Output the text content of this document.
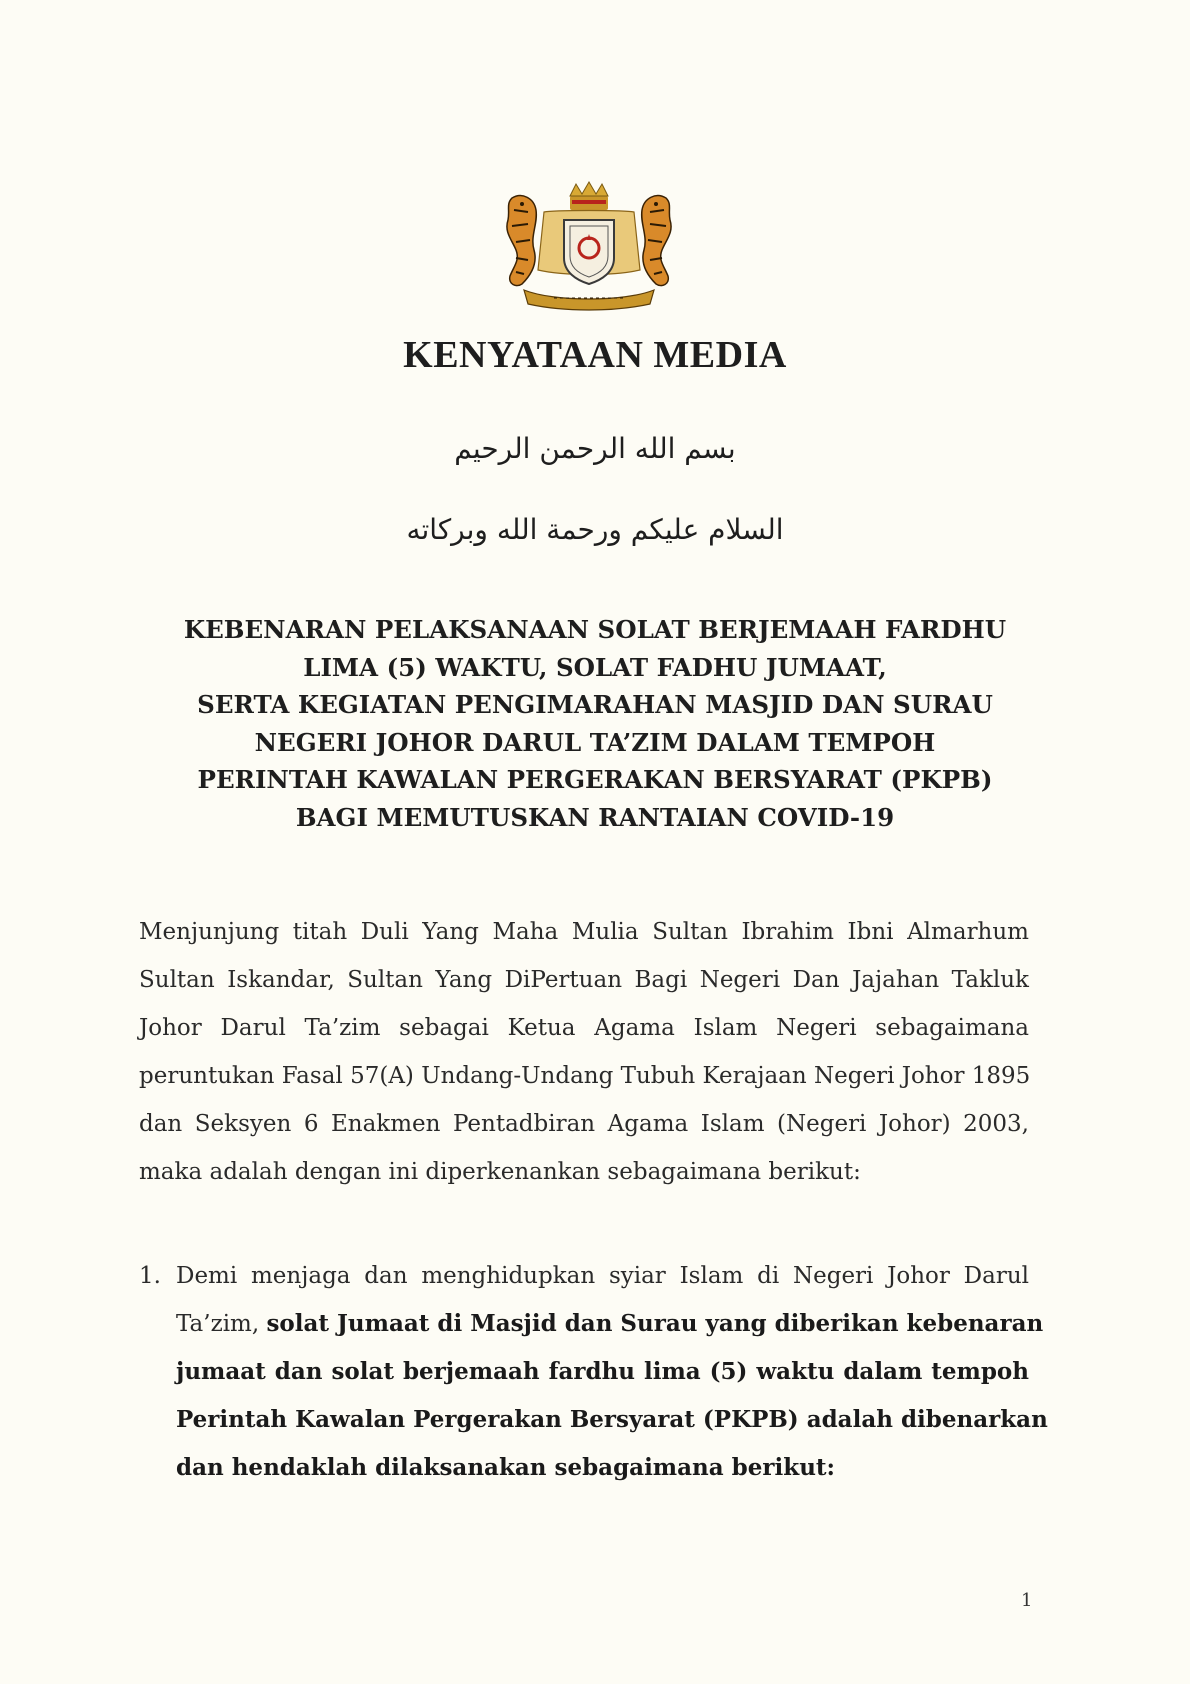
KENYATAAN MEDIA
بسم الله الرحمن الرحيم
السلام عليكم ورحمة الله وبركاته
KEBENARAN PELAKSANAAN SOLAT BERJEMAAH FARDHU
LIMA (5) WAKTU, SOLAT FADHU JUMAAT,
SERTA KEGIATAN PENGIMARAHAN MASJID DAN SURAU
NEGERI JOHOR DARUL TA’ZIM DALAM TEMPOH
PERINTAH KAWALAN PERGERAKAN BERSYARAT (PKPB)
BAGI MEMUTUSKAN RANTAIAN COVID-19
Menjunjung titah Duli Yang Maha Mulia Sultan Ibrahim Ibni Almarhum
Sultan Iskandar, Sultan Yang DiPertuan Bagi Negeri Dan Jajahan Takluk
Johor Darul Ta’zim sebagai Ketua Agama Islam Negeri sebagaimana
peruntukan Fasal 57(A) Undang-Undang Tubuh Kerajaan Negeri Johor 1895
dan Seksyen 6 Enakmen Pentadbiran Agama Islam (Negeri Johor) 2003,
maka adalah dengan ini diperkenankan sebagaimana berikut:
1. Demi menjaga dan menghidupkan syiar Islam di Negeri Johor Darul
Ta’zim, solat Jumaat di Masjid dan Surau yang diberikan kebenaran
jumaat dan solat berjemaah fardhu lima (5) waktu dalam tempoh
Perintah Kawalan Pergerakan Bersyarat (PKPB) adalah dibenarkan
dan hendaklah dilaksanakan sebagaimana berikut:
1
